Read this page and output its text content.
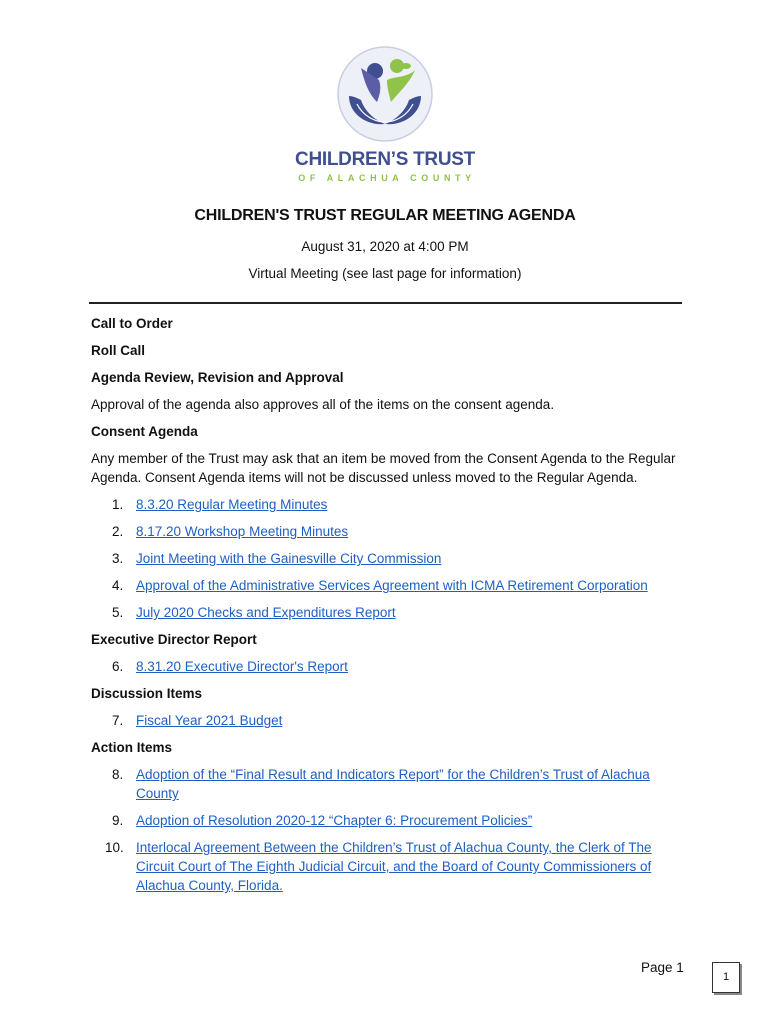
CHILDREN’S TRUST
OF ALACHUA COUNTY
CHILDREN'S TRUST REGULAR MEETING AGENDA
August 31, 2020 at 4:00 PM
Virtual Meeting (see last page for information)
Call to Order
Roll Call
Agenda Review, Revision and Approval
Approval of the agenda also approves all of the items on the consent agenda.
Consent Agenda
Any member of the Trust may ask that an item be moved from the Consent Agenda to the Regular Agenda. Consent Agenda items will not be discussed unless moved to the Regular Agenda.
1. 8.3.20 Regular Meeting Minutes
2. 8.17.20 Workshop Meeting Minutes
3. Joint Meeting with the Gainesville City Commission
4. Approval of the Administrative Services Agreement with ICMA Retirement Corporation
5. July 2020 Checks and Expenditures Report
Executive Director Report
6. 8.31.20 Executive Director's Report
Discussion Items
7. Fiscal Year 2021 Budget
Action Items
8. Adoption of the “Final Result and Indicators Report” for the Children’s Trust of Alachua County
9. Adoption of Resolution 2020-12 “Chapter 6: Procurement Policies”
10. Interlocal Agreement Between the Children’s Trust of Alachua County, the Clerk of The Circuit Court of The Eighth Judicial Circuit, and the Board of County Commissioners of Alachua County, Florida.
Page 1
1
